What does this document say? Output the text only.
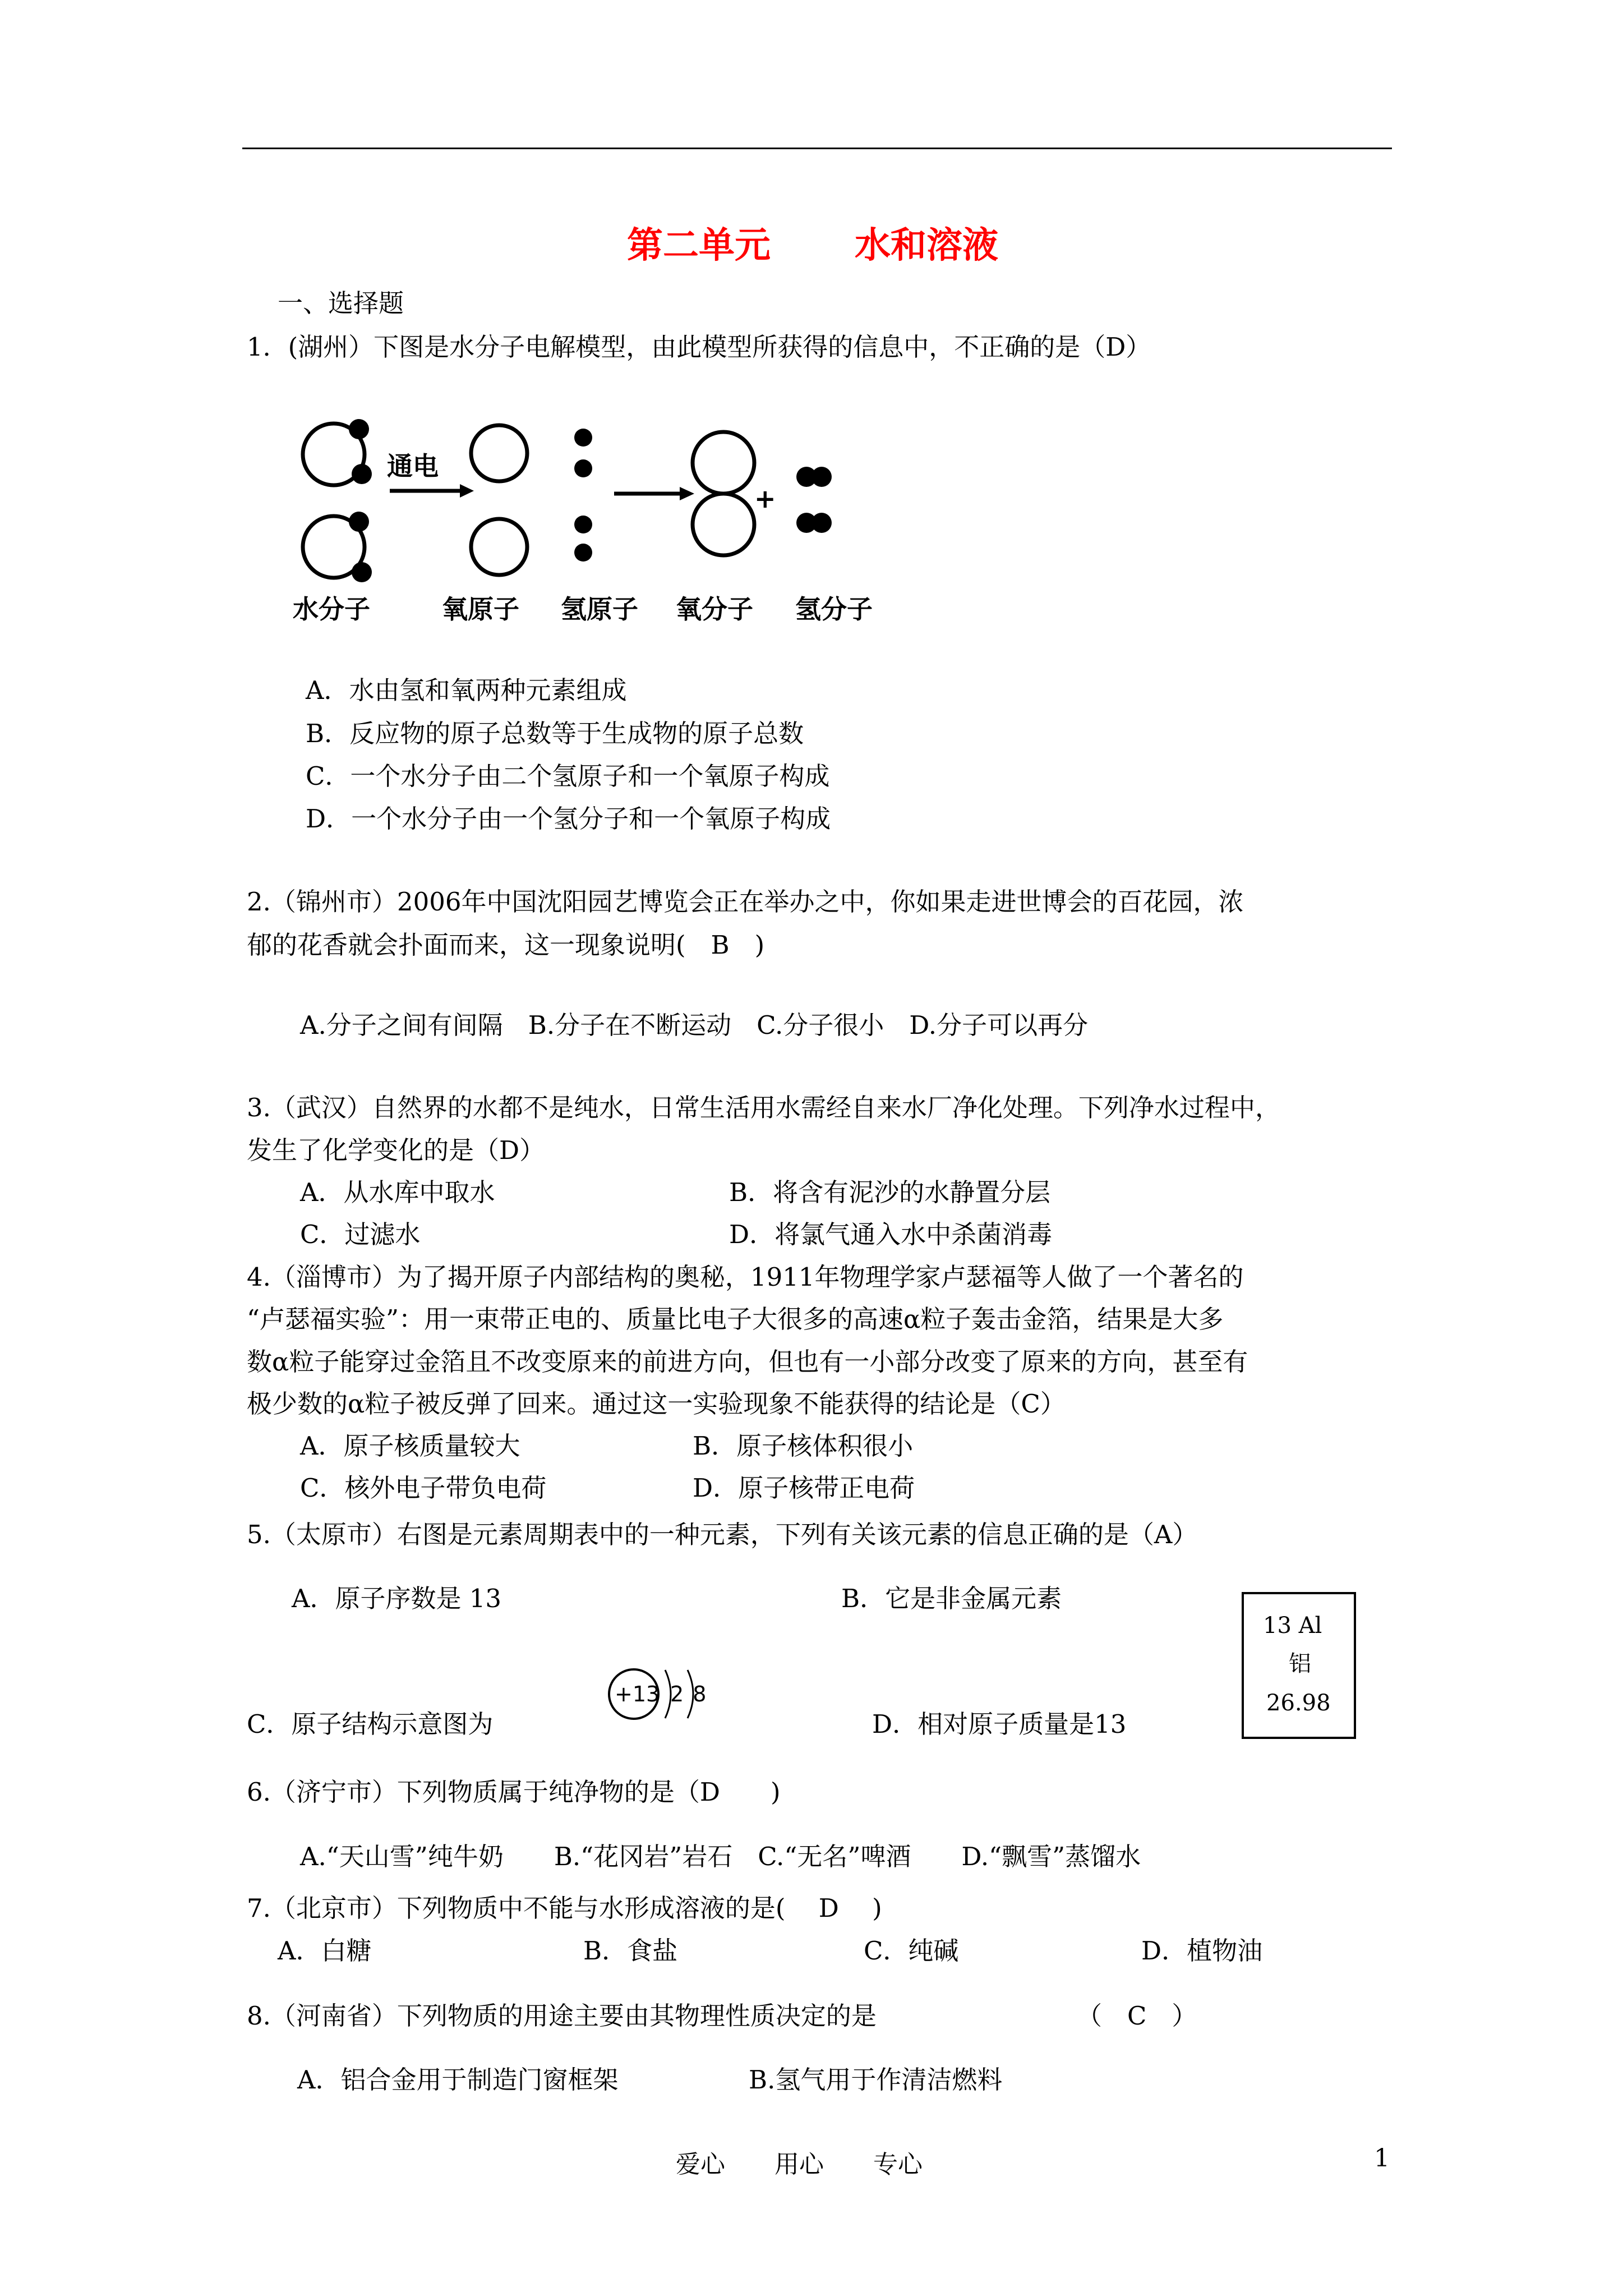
第二单元 水和溶液
一、选择题
1．(湖州）下图是水分子电解模型，由此模型所获得的信息中，不正确的是（D）
通电
+
水分子	氧原子 氢原子 氧分子 氢分子
A．水由氢和氧两种元素组成
B．反应物的原子总数等于生成物的原子总数
C．一个水分子由二个氢原子和一个氧原子构成
D．一个水分子由一个氢分子和一个氧原子构成
2.（锦州市）2006年中国沈阳园艺博览会正在举办之中，你如果走进世博会的百花园，浓
郁的花香就会扑面而来，这一现象说明(　B　)
A.分子之间有间隔　B.分子在不断运动　C.分子很小　D.分子可以再分
3.（武汉）自然界的水都不是纯水，日常生活用水需经自来水厂净化处理。下列净水过程中，
发生了化学变化的是（D）
A．从水库中取水	B．将含有泥沙的水静置分层
C．过滤水	D．将氯气通入水中杀菌消毒
4.（淄博市）为了揭开原子内部结构的奥秘，1911年物理学家卢瑟福等人做了一个著名的
“卢瑟福实验”：用一束带正电的、质量比电子大很多的高速α粒子轰击金箔，结果是大多
数α粒子能穿过金箔且不改变原来的前进方向，但也有一小部分改变了原来的方向，甚至有
极少数的α粒子被反弹了回来。通过这一实验现象不能获得的结论是（C）
A．原子核质量较大	B．原子核体积很小
C．核外电子带负电荷	D．原子核带正电荷
5.（太原市）右图是元素周期表中的一种元素，下列有关该元素的信息正确的是（A）
A．原子序数是 13	B．它是非金属元素
C．原子结构示意图为	D．相对原子质量是13
+13 2 8
13 Al
铝
26.98
6.（济宁市）下列物质属于纯净物的是（D　　)
A.“天山雪”纯牛奶　　B.“花冈岩”岩石　C.“无名”啤酒　　D.“飘雪”蒸馏水
7.（北京市）下列物质中不能与水形成溶液的是(　 D　 )
A．白糖	B．食盐	C．纯碱	D．植物油
8.（河南省）下列物质的用途主要由其物理性质决定的是	（　C　）
A．铝合金用于制造门窗框架	B.氢气用于作清洁燃料
爱心　　用心　　专心	1
